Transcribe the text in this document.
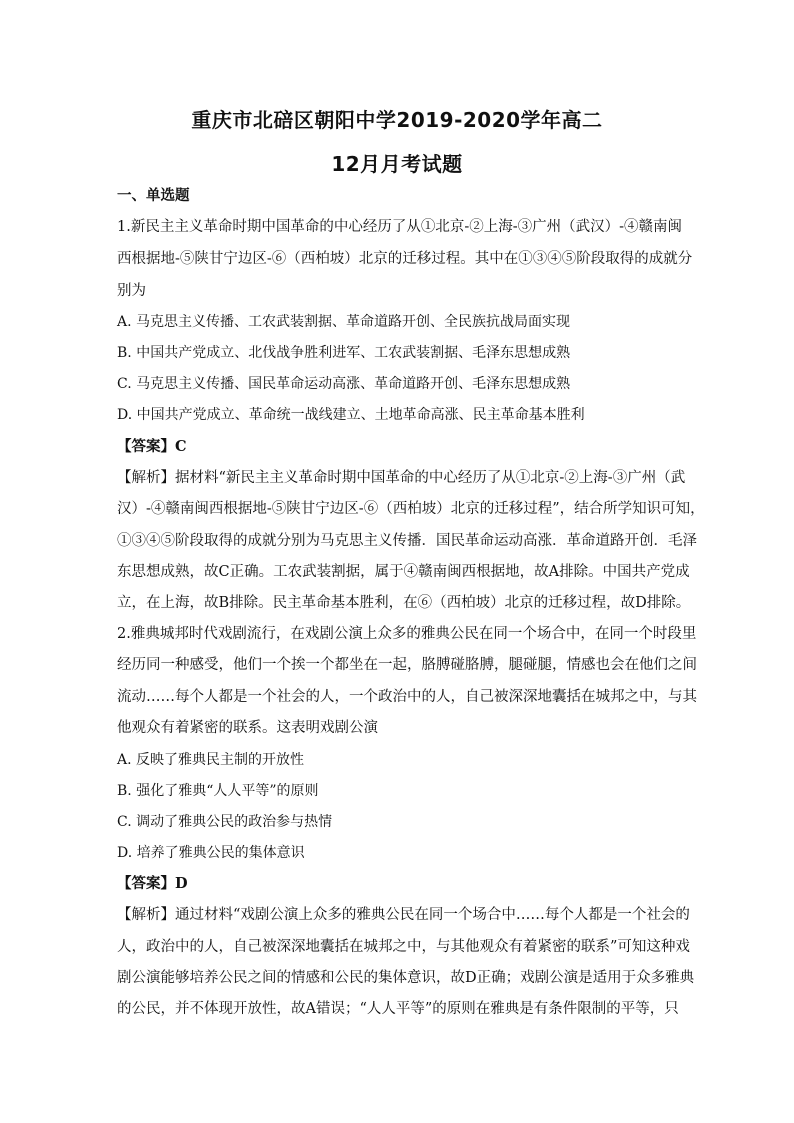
重庆市北碚区朝阳中学2019-2020学年高二
12月月考试题
一、单选题
1.新民主主义革命时期中国革命的中心经历了从①北京-②上海-③广州（武汉）-④赣南闽
西根据地-⑤陕甘宁边区-⑥（西柏坡）北京的迁移过程。其中在①③④⑤阶段取得的成就分
别为
A. 马克思主义传播、工农武装割据、革命道路开创、全民族抗战局面实现
B. 中国共产党成立、北伐战争胜利进军、工农武装割据、毛泽东思想成熟
C. 马克思主义传播、国民革命运动高涨、革命道路开创、毛泽东思想成熟
D. 中国共产党成立、革命统一战线建立、土地革命高涨、民主革命基本胜利
【答案】C
【解析】据材料“新民主主义革命时期中国革命的中心经历了从①北京-②上海-③广州（武
汉）-④赣南闽西根据地-⑤陕甘宁边区-⑥（西柏坡）北京的迁移过程”，结合所学知识可知，
①③④⑤阶段取得的成就分别为马克思主义传播．国民革命运动高涨．革命道路开创．毛泽
东思想成熟，故C正确。工农武装割据，属于④赣南闽西根据地，故A排除。中国共产党成
立，在上海，故B排除。民主革命基本胜利，在⑥（西柏坡）北京的迁移过程，故D排除。
2.雅典城邦时代戏剧流行，在戏剧公演上众多的雅典公民在同一个场合中，在同一个时段里
经历同一种感受，他们一个挨一个都坐在一起，胳膊碰胳膊，腿碰腿，情感也会在他们之间
流动……每个人都是一个社会的人，一个政治中的人，自己被深深地囊括在城邦之中，与其
他观众有着紧密的联系。这表明戏剧公演
A. 反映了雅典民主制的开放性
B. 强化了雅典“人人平等”的原则
C. 调动了雅典公民的政治参与热情
D. 培养了雅典公民的集体意识
【答案】D
【解析】通过材料“戏剧公演上众多的雅典公民在同一个场合中……每个人都是一个社会的
人，政治中的人，自己被深深地囊括在城邦之中，与其他观众有着紧密的联系”可知这种戏
剧公演能够培养公民之间的情感和公民的集体意识，故D正确；戏剧公演是适用于众多雅典
的公民，并不体现开放性，故A错误；“人人平等”的原则在雅典是有条件限制的平等，只
